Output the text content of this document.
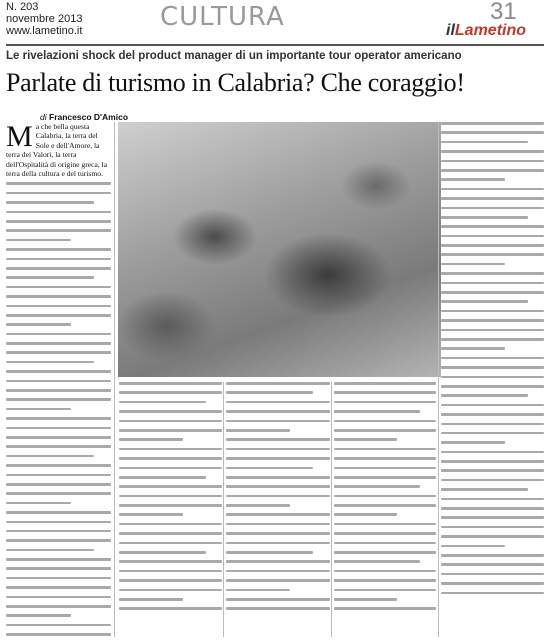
N. 203
novembre 2013
www.lametino.it	CULTURA	31
ilLametino
Le rivelazioni shock del product manager di un importante tour operator americano
Parlate di turismo in Calabria? Che coraggio!
di Francesco D'Amico

Ma che bella questa Calabria, la terra del Sole e dell'Amore, la terra dei Valori, la terra dell'Ospitalità di origine greca, la terra della cultura e del turismo.
